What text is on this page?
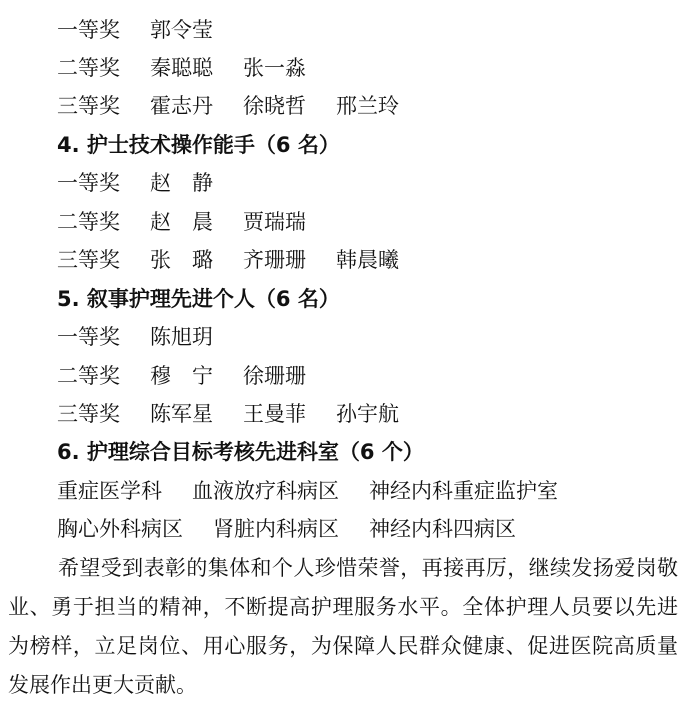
一等奖 郭令莹
二等奖 秦聪聪 张一淼
三等奖 霍志丹 徐晓哲 邢兰玲
4. 护士技术操作能手（6 名）
一等奖 赵　静
二等奖 赵　晨 贾瑞瑞
三等奖 张　璐 齐珊珊 韩晨曦
5. 叙事护理先进个人（6 名）
一等奖 陈旭玥
二等奖 穆　宁 徐珊珊
三等奖 陈军星 王曼菲 孙宇航
6. 护理综合目标考核先进科室（6 个）
重症医学科 血液放疗科病区 神经内科重症监护室
胸心外科病区 肾脏内科病区 神经内科四病区
希望受到表彰的集体和个人珍惜荣誉，再接再厉，继续发扬爱岗敬业、勇于担当的精神，不断提高护理服务水平。全体护理人员要以先进为榜样，立足岗位、用心服务，为保障人民群众健康、促进医院高质量发展作出更大贡献。
